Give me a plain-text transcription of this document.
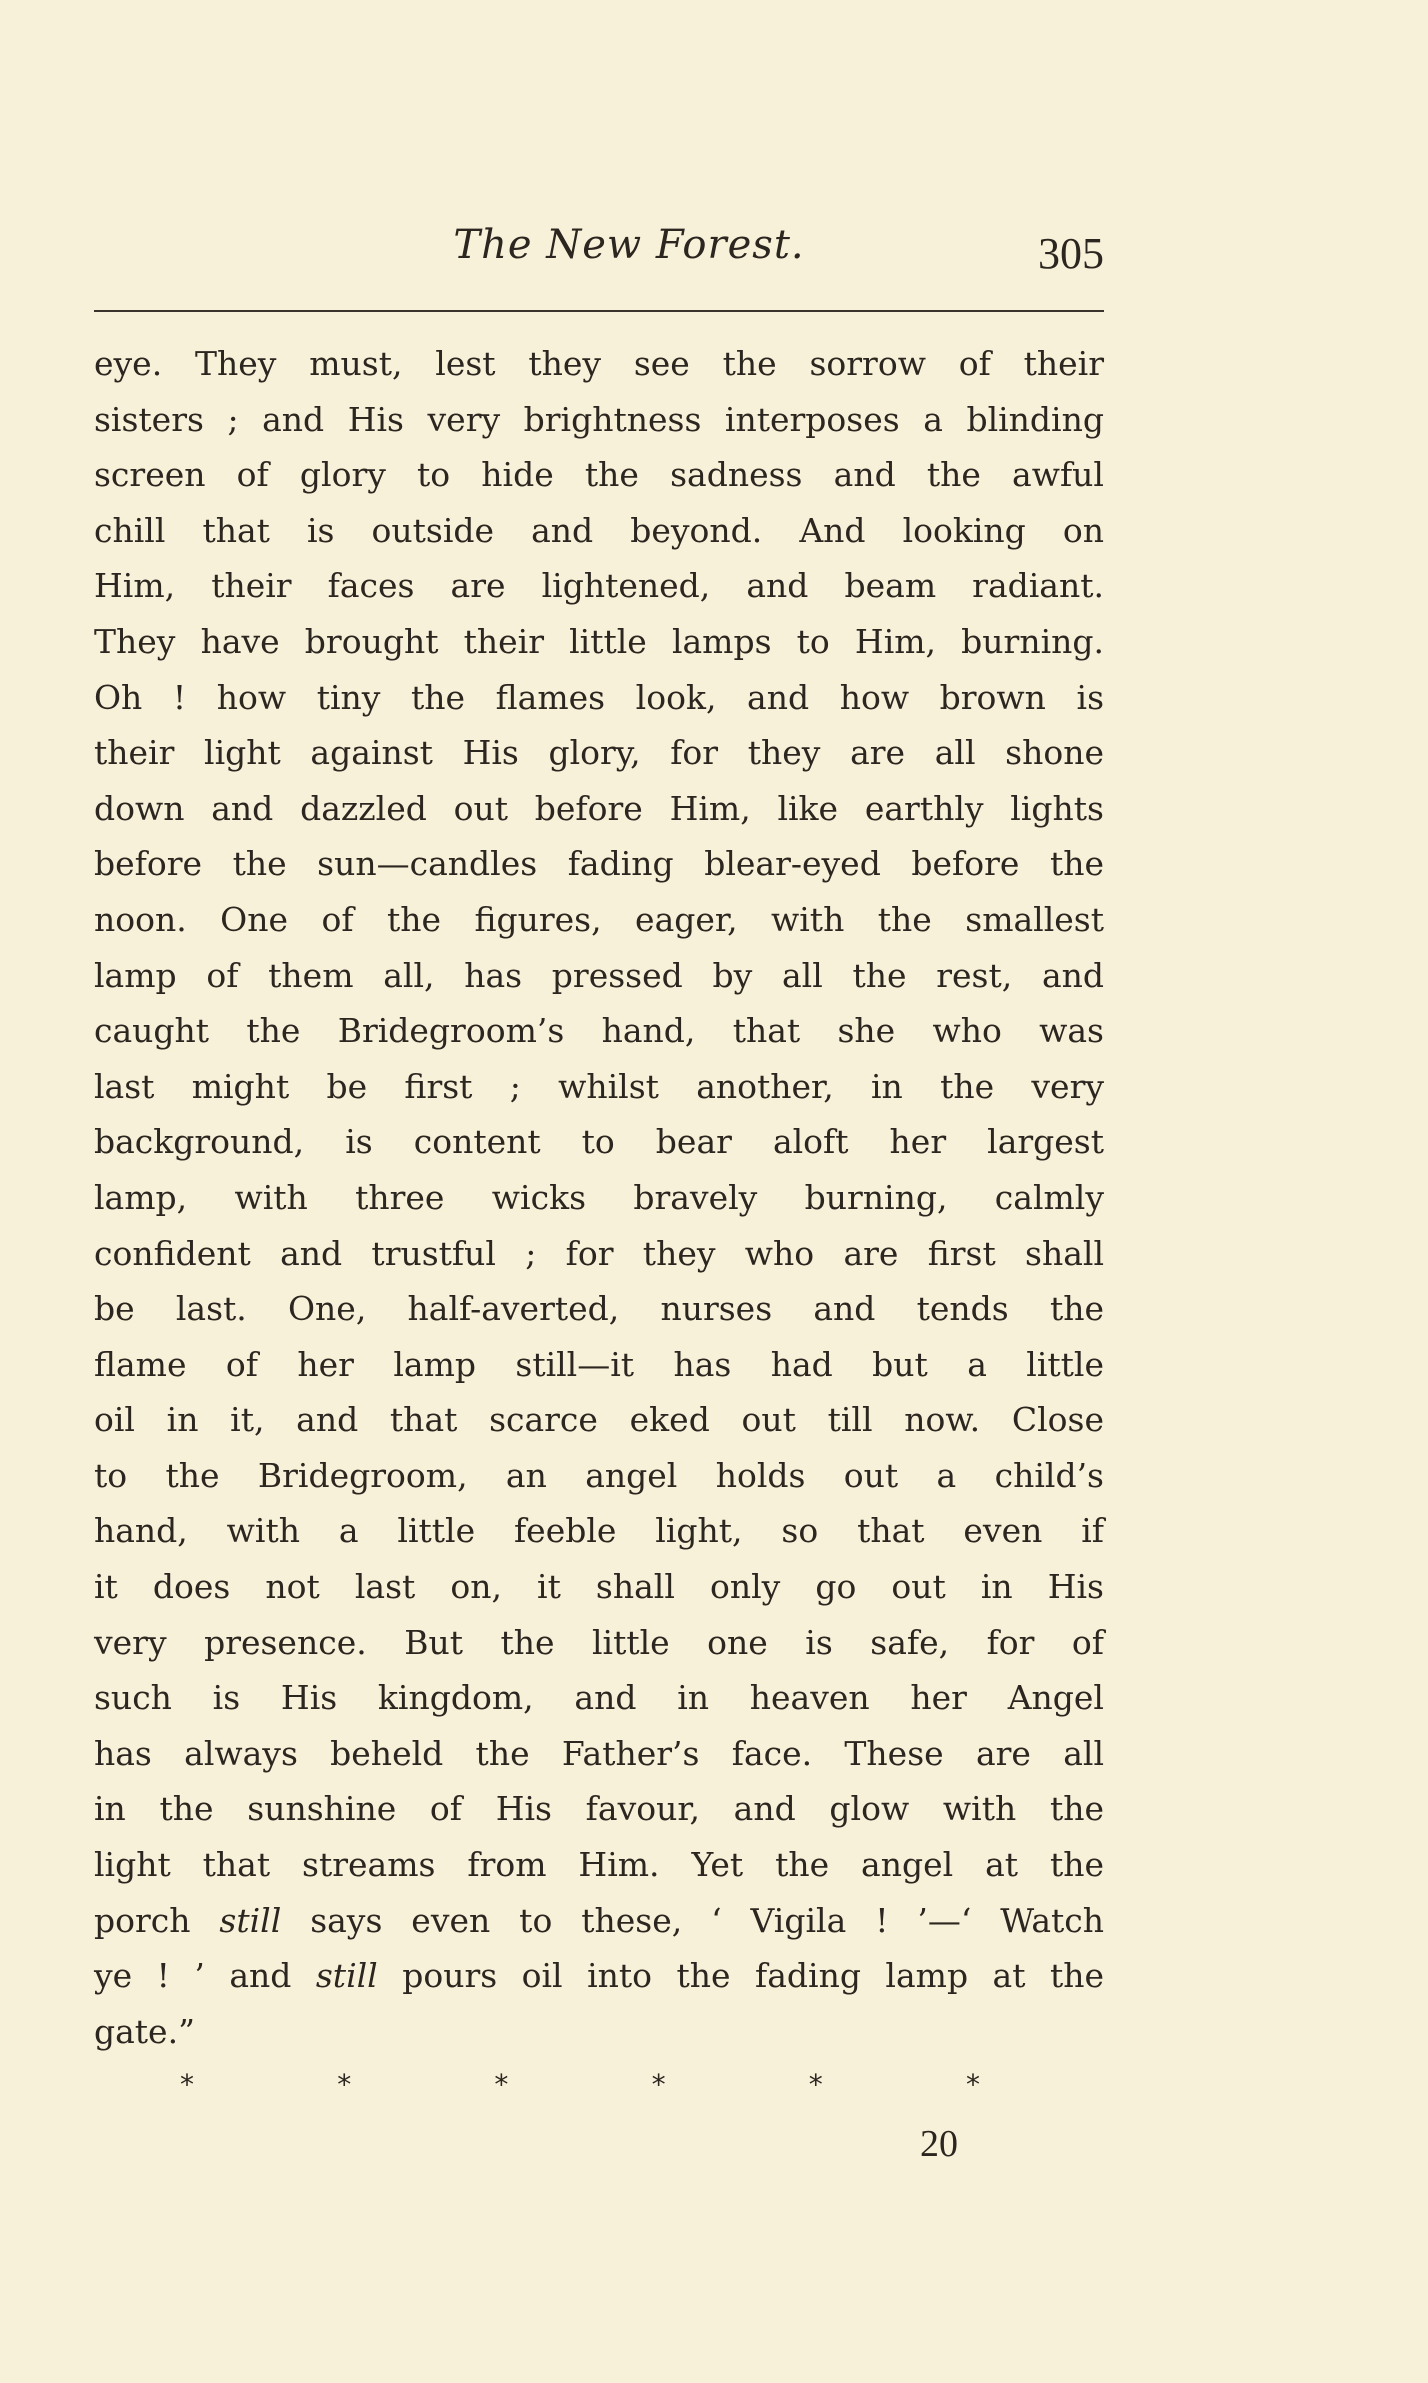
The New Forest.	305
eye. They must, lest they see the sorrow of their
sisters ; and His very brightness interposes a blinding
screen of glory to hide the sadness and the awful
chill that is outside and beyond. And looking on
Him, their faces are lightened, and beam radiant.
They have brought their little lamps to Him, burning.
Oh ! how tiny the flames look, and how brown is
their light against His glory, for they are all shone
down and dazzled out before Him, like earthly lights
before the sun—candles fading blear-eyed before the
noon. One of the figures, eager, with the smallest
lamp of them all, has pressed by all the rest, and
caught the Bridegroom’s hand, that she who was
last might be first ; whilst another, in the very
background, is content to bear aloft her largest
lamp, with three wicks bravely burning, calmly
confident and trustful ; for they who are first shall
be last. One, half-averted, nurses and tends the
flame of her lamp still—it has had but a little
oil in it, and that scarce eked out till now. Close
to the Bridegroom, an angel holds out a child’s
hand, with a little feeble light, so that even if
it does not last on, it shall only go out in His
very presence. But the little one is safe, for of
such is His kingdom, and in heaven her Angel
has always beheld the Father’s face. These are all
in the sunshine of His favour, and glow with the
light that streams from Him. Yet the angel at the
porch still says even to these, ‘ Vigila ! ’—‘ Watch
ye ! ’ and still pours oil into the fading lamp at the
gate.”
*	*	*	*	*	*
20
